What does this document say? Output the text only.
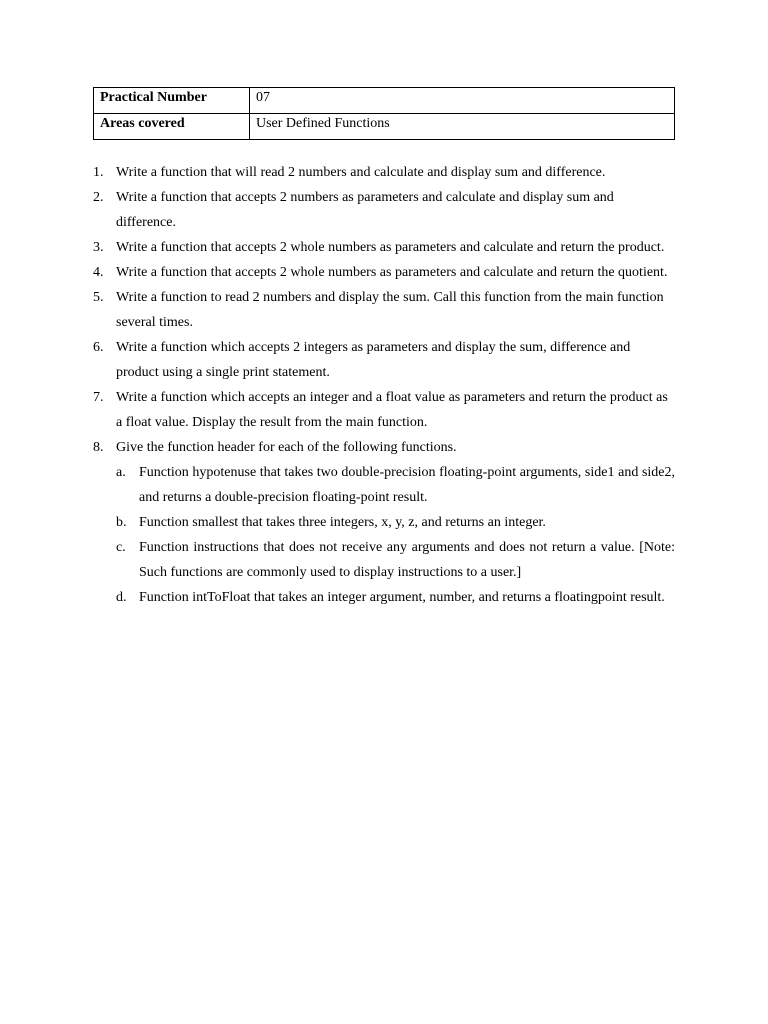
Practical Number	07
Areas covered	User Defined Functions
1. Write a function that will read 2 numbers and calculate and display sum and difference.
2. Write a function that accepts 2 numbers as parameters and calculate and display sum and difference.
3. Write a function that accepts 2 whole numbers as parameters and calculate and return the product.
4. Write a function that accepts 2 whole numbers as parameters and calculate and return the quotient.
5. Write a function to read 2 numbers and display the sum. Call this function from the main function several times.
6. Write a function which accepts 2 integers as parameters and display the sum, difference and product using a single print statement.
7. Write a function which accepts an integer and a float value as parameters and return the product as a float value. Display the result from the main function.
8. Give the function header for each of the following functions.
a. Function hypotenuse that takes two double-precision floating-point arguments, side1 and side2, and returns a double-precision floating-point result.
b. Function smallest that takes three integers, x, y, z, and returns an integer.
c. Function instructions that does not receive any arguments and does not return a value. [Note: Such functions are commonly used to display instructions to a user.]
d. Function intToFloat that takes an integer argument, number, and returns a floatingpoint result.
